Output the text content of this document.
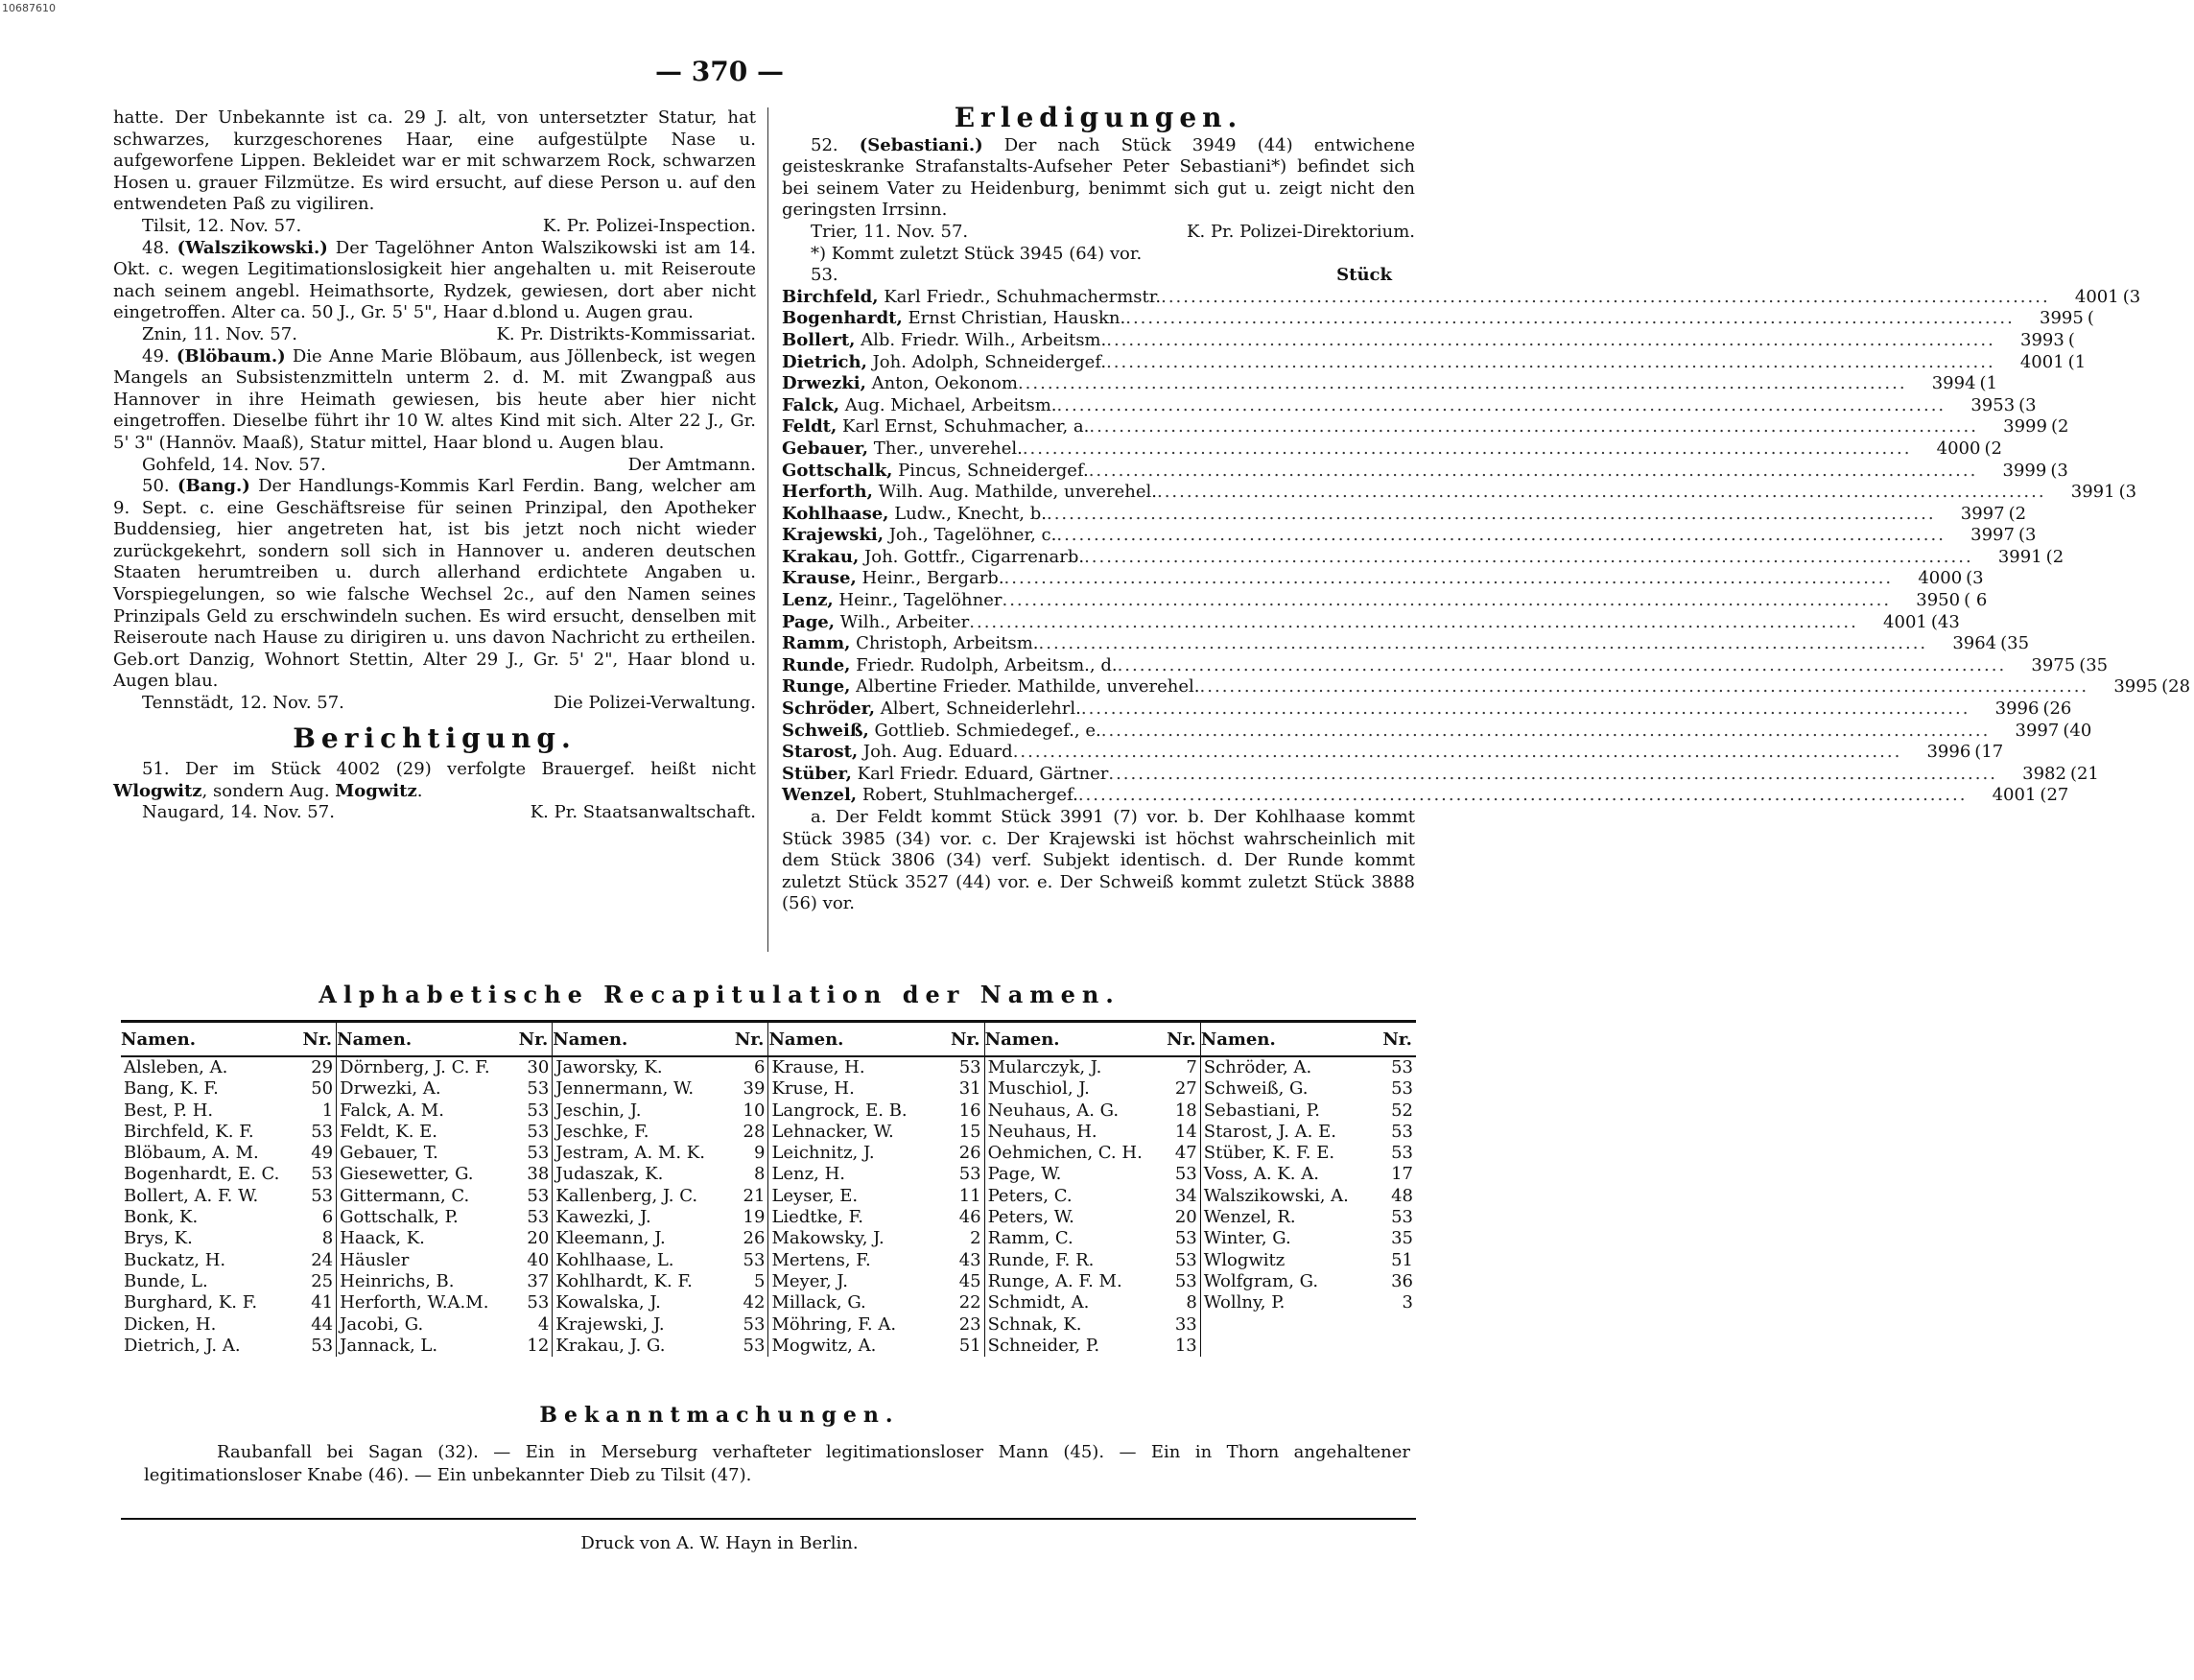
10687610
— 370 —

hatte. Der Unbekannte ist ca. 29 J. alt, von untersetzter Statur, hat schwarzes, kurzgeschorenes Haar, eine aufgestülpte Nase u. aufgeworfene Lippen. Bekleidet war er mit schwarzem Rock, schwarzen Hosen u. grauer Filzmütze. Es wird ersucht, auf diese Person u. auf den entwendeten Paß zu vigiliren.

Tilsit, 12. Nov. 57.	K. Pr. Polizei-Inspection.

48. (Walszikowski.) Der Tagelöhner Anton Walszikowski ist am 14. Okt. c. wegen Legitimationslosigkeit hier angehalten u. mit Reiseroute nach seinem angebl. Heimathsorte, Rydzek, gewiesen, dort aber nicht eingetroffen. Alter ca. 50 J., Gr. 5' 5", Haar d.blond u. Augen grau.

Znin, 11. Nov. 57.	K. Pr. Distrikts-Kommissariat.

49. (Blöbaum.) Die Anne Marie Blöbaum, aus Jöllenbeck, ist wegen Mangels an Subsistenzmitteln unterm 2. d. M. mit Zwangpaß aus Hannover in ihre Heimath gewiesen, bis heute aber hier nicht eingetroffen. Dieselbe führt ihr 10 W. altes Kind mit sich. Alter 22 J., Gr. 5' 3" (Hannöv. Maaß), Statur mittel, Haar blond u. Augen blau.

Gohfeld, 14. Nov. 57.	Der Amtmann.

50. (Bang.) Der Handlungs-Kommis Karl Ferdin. Bang, welcher am 9. Sept. c. eine Geschäftsreise für seinen Prinzipal, den Apotheker Buddensieg, hier angetreten hat, ist bis jetzt noch nicht wieder zurückgekehrt, sondern soll sich in Hannover u. anderen deutschen Staaten herumtreiben u. durch allerhand erdichtete Angaben u. Vorspiegelungen, so wie falsche Wechsel 2c., auf den Namen seines Prinzipals Geld zu erschwindeln suchen. Es wird ersucht, denselben mit Reiseroute nach Hause zu dirigiren u. uns davon Nachricht zu ertheilen. Geb.ort Danzig, Wohnort Stettin, Alter 29 J., Gr. 5' 2", Haar blond u. Augen blau.

Tennstädt, 12. Nov. 57.	Die Polizei-Verwaltung.
Berichtigung.

51. Der im Stück 4002 (29) verfolgte Brauergef. heißt nicht Wlogwitz, sondern Aug. Mogwitz.

Naugard, 14. Nov. 57.	K. Pr. Staatsanwaltschaft.
Erledigungen.

52. (Sebastiani.) Der nach Stück 3949 (44) entwichene geisteskranke Strafanstalts-Aufseher Peter Sebastiani*) befindet sich bei seinem Vater zu Heidenburg, benimmt sich gut u. zeigt nicht den geringsten Irrsinn.

Trier, 11. Nov. 57.	K. Pr. Polizei-Direktorium.

*) Kommt zuletzt Stück 3945 (64) vor.

53.	Stück
Birchfeld, Karl Friedr., Schuhmachermstr. ........................................................................................................................	4001 (3
Bogenhardt, Ernst Christian, Hauskn. ........................................................................................................................	3995 (
Bollert, Alb. Friedr. Wilh., Arbeitsm. ........................................................................................................................	3993 (
Dietrich, Joh. Adolph, Schneidergef. ........................................................................................................................	4001 (1
Drwezki, Anton, Oekonom ........................................................................................................................	3994 (1
Falck, Aug. Michael, Arbeitsm. ........................................................................................................................	3953 (3
Feldt, Karl Ernst, Schuhmacher, a. ........................................................................................................................	3999 (2
Gebauer, Ther., unverehel. ........................................................................................................................	4000 (2
Gottschalk, Pincus, Schneidergef. ........................................................................................................................	3999 (3
Herforth, Wilh. Aug. Mathilde, unverehel. ........................................................................................................................	3991 (3
Kohlhaase, Ludw., Knecht, b. ........................................................................................................................	3997 (2
Krajewski, Joh., Tagelöhner, c. ........................................................................................................................	3997 (3
Krakau, Joh. Gottfr., Cigarrenarb. ........................................................................................................................	3991 (2
Krause, Heinr., Bergarb. ........................................................................................................................	4000 (3
Lenz, Heinr., Tagelöhner ........................................................................................................................	3950 ( 6
Page, Wilh., Arbeiter ........................................................................................................................	4001 (43
Ramm, Christoph, Arbeitsm. ........................................................................................................................	3964 (35
Runde, Friedr. Rudolph, Arbeitsm., d. ........................................................................................................................	3975 (35
Runge, Albertine Frieder. Mathilde, unverehel. ........................................................................................................................	3995 (28
Schröder, Albert, Schneiderlehrl. ........................................................................................................................	3996 (26
Schweiß, Gottlieb. Schmiedegef., e. ........................................................................................................................	3997 (40
Starost, Joh. Aug. Eduard ........................................................................................................................	3996 (17
Stüber, Karl Friedr. Eduard, Gärtner ........................................................................................................................	3982 (21
Wenzel, Robert, Stuhlmachergef. ........................................................................................................................	4001 (27

a. Der Feldt kommt Stück 3991 (7) vor. b. Der Kohlhaase kommt Stück 3985 (34) vor. c. Der Krajewski ist höchst wahrscheinlich mit dem Stück 3806 (34) verf. Subjekt identisch. d. Der Runde kommt zuletzt Stück 3527 (44) vor. e. Der Schweiß kommt zuletzt Stück 3888 (56) vor.

Alphabetische Recapitulation der Namen.
Namen.	Nr.	Namen.	Nr.	Namen.	Nr.	Namen.	Nr.	Namen.	Nr.	Namen.	Nr.
Alsleben, A.	29	Dörnberg, J. C. F.	30	Jaworsky, K.	6	Krause, H.	53	Mularczyk, J.	7	Schröder, A.	53
Bang, K. F.	50	Drwezki, A.	53	Jennermann, W.	39	Kruse, H.	31	Muschiol, J.	27	Schweiß, G.	53
Best, P. H.	1	Falck, A. M.	53	Jeschin, J.	10	Langrock, E. B.	16	Neuhaus, A. G.	18	Sebastiani, P.	52
Birchfeld, K. F.	53	Feldt, K. E.	53	Jeschke, F.	28	Lehnacker, W.	15	Neuhaus, H.	14	Starost, J. A. E.	53
Blöbaum, A. M.	49	Gebauer, T.	53	Jestram, A. M. K.	9	Leichnitz, J.	26	Oehmichen, C. H.	47	Stüber, K. F. E.	53
Bogenhardt, E. C.	53	Giesewetter, G.	38	Judaszak, K.	8	Lenz, H.	53	Page, W.	53	Voss, A. K. A.	17
Bollert, A. F. W.	53	Gittermann, C.	53	Kallenberg, J. C.	21	Leyser, E.	11	Peters, C.	34	Walszikowski, A.	48
Bonk, K.	6	Gottschalk, P.	53	Kawezki, J.	19	Liedtke, F.	46	Peters, W.	20	Wenzel, R.	53
Brys, K.	8	Haack, K.	20	Kleemann, J.	26	Makowsky, J.	2	Ramm, C.	53	Winter, G.	35
Buckatz, H.	24	Häusler	40	Kohlhaase, L.	53	Mertens, F.	43	Runde, F. R.	53	Wlogwitz	51
Bunde, L.	25	Heinrichs, B.	37	Kohlhardt, K. F.	5	Meyer, J.	45	Runge, A. F. M.	53	Wolfgram, G.	36
Burghard, K. F.	41	Herforth, W.A.M.	53	Kowalska, J.	42	Millack, G.	22	Schmidt, A.	8	Wollny, P.	3
Dicken, H.	44	Jacobi, G.	4	Krajewski, J.	53	Möhring, F. A.	23	Schnak, K.	33		
Dietrich, J. A.	53	Jannack, L.	12	Krakau, J. G.	53	Mogwitz, A.	51	Schneider, P.	13		
Bekanntmachungen.
Raubanfall bei Sagan (32). — Ein in Merseburg verhafteter legitimationsloser Mann (45). — Ein in Thorn angehaltener legitimationsloser Knabe (46). — Ein unbekannter Dieb zu Tilsit (47).
Druck von A. W. Hayn in Berlin.
